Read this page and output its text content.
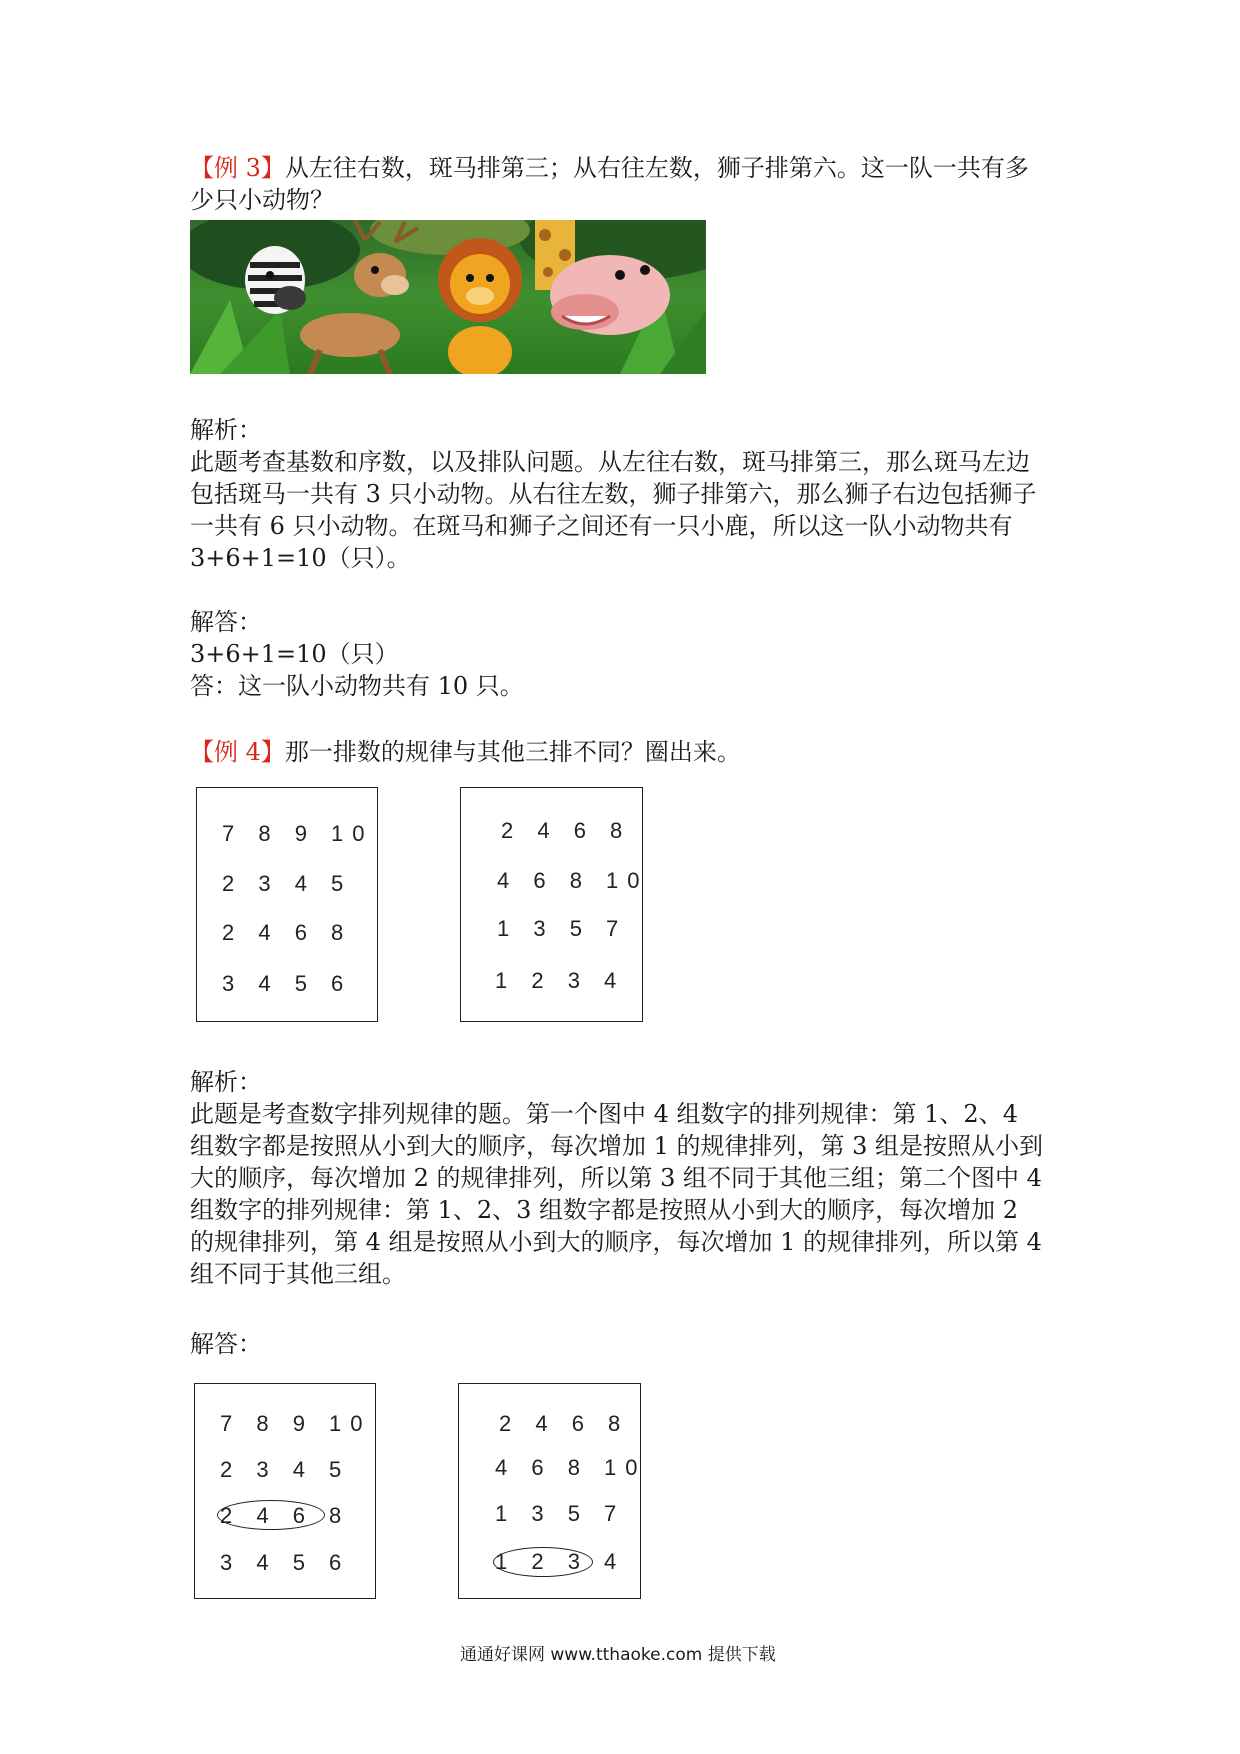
【例 3】从左往右数，斑马排第三；从右往左数，狮子排第六。这一队一共有多
少只小动物？
解析：
此题考查基数和序数，以及排队问题。从左往右数，斑马排第三，那么斑马左边
包括斑马一共有 3 只小动物。从右往左数，狮子排第六，那么狮子右边包括狮子
一共有 6 只小动物。在斑马和狮子之间还有一只小鹿，所以这一队小动物共有
3+6+1=10（只）。
解答：
3+6+1=10（只）
答：这一队小动物共有 10 只。
【例 4】那一排数的规律与其他三排不同？圈出来。
7 8 9 10
2 3 4 5
2 4 6 8
3 4 5 6
2 4 6 8
4 6 8 10
1 3 5 7
1 2 3 4
解析：
此题是考查数字排列规律的题。第一个图中 4 组数字的排列规律：第 1、2、4
组数字都是按照从小到大的顺序，每次增加 1 的规律排列，第 3 组是按照从小到
大的顺序，每次增加 2 的规律排列，所以第 3 组不同于其他三组；第二个图中 4
组数字的排列规律：第 1、2、3 组数字都是按照从小到大的顺序，每次增加 2
的规律排列，第 4 组是按照从小到大的顺序，每次增加 1 的规律排列，所以第 4
组不同于其他三组。
解答：
7 8 9 10
2 3 4 5
2 4 6 8
3 4 5 6
2 4 6 8
4 6 8 10
1 3 5 7
1 2 3 4
通通好课网 www.tthaoke.com 提供下载
